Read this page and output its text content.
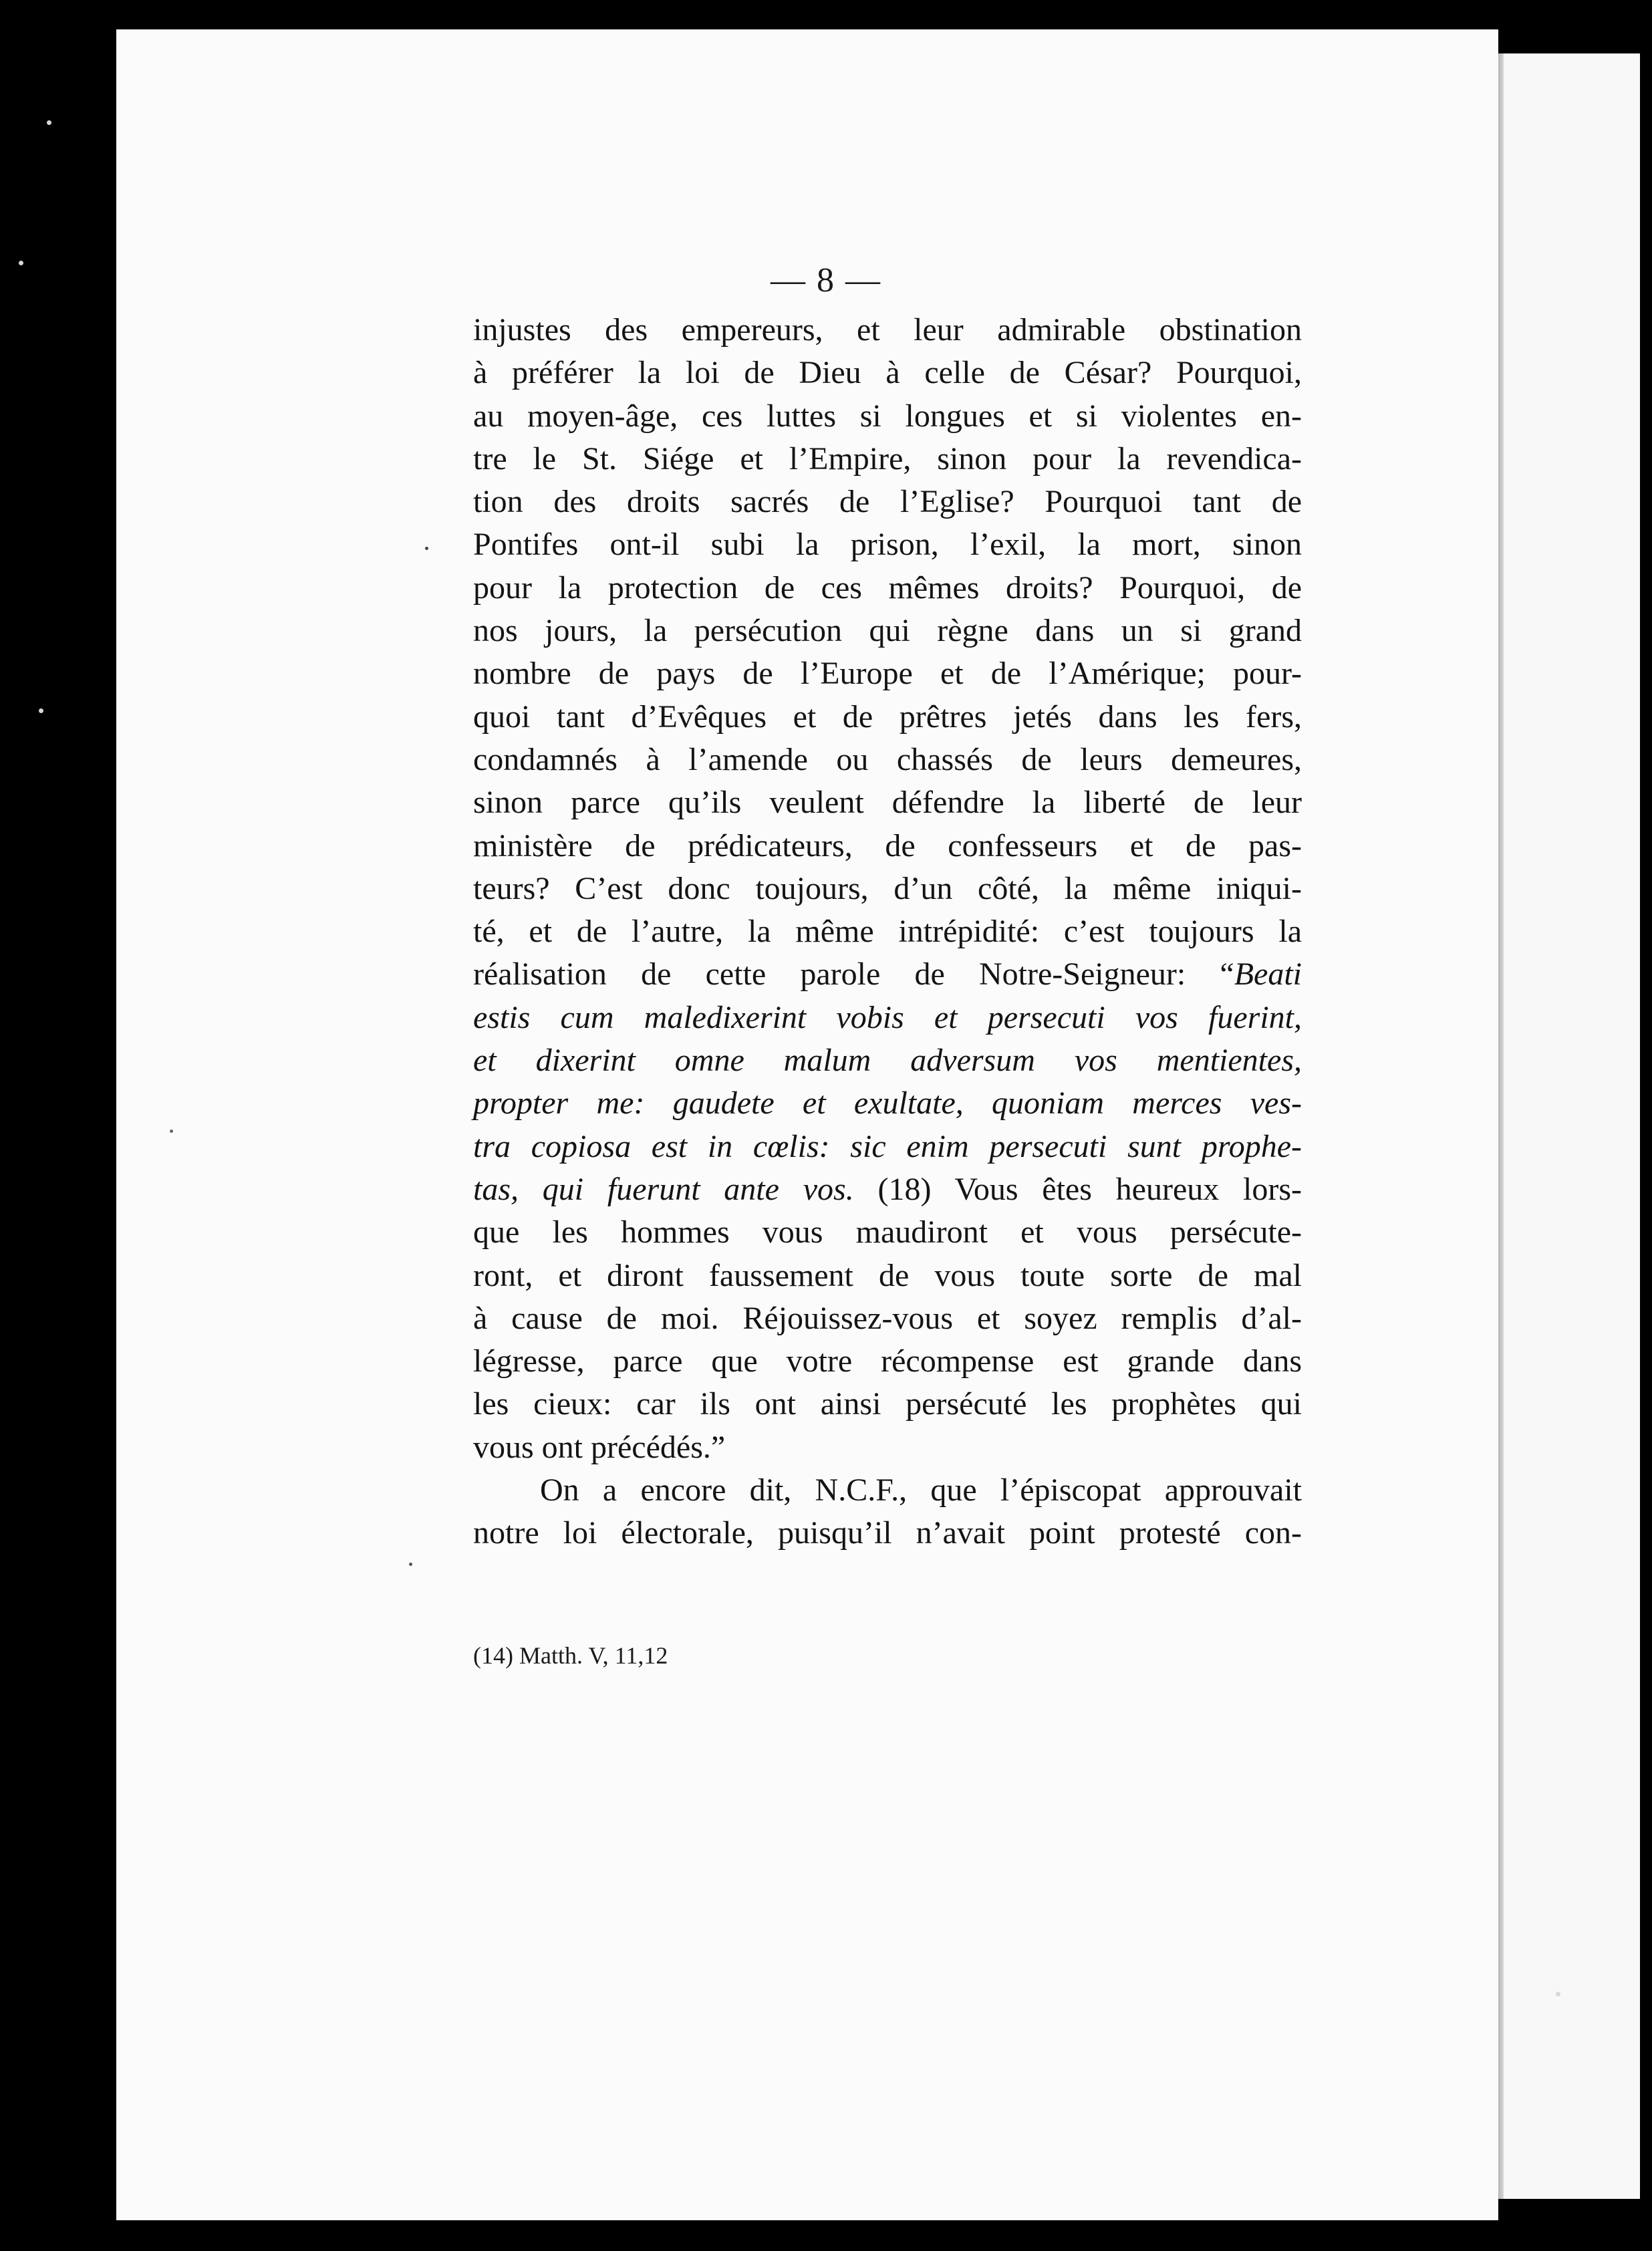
— 8 —
injustes des empereurs, et leur admirable obstination
à préférer la loi de Dieu à celle de César? Pourquoi,
au moyen-âge, ces luttes si longues et si violentes en-
tre le St. Siége et l’Empire, sinon pour la revendica-
tion des droits sacrés de l’Eglise? Pourquoi tant de
Pontifes ont-il subi la prison, l’exil, la mort, sinon
pour la protection de ces mêmes droits? Pourquoi, de
nos jours, la persécution qui règne dans un si grand
nombre de pays de l’Europe et de l’Amérique; pour-
quoi tant d’Evêques et de prêtres jetés dans les fers,
condamnés à l’amende ou chassés de leurs demeures,
sinon parce qu’ils veulent défendre la liberté de leur
ministère de prédicateurs, de confesseurs et de pas-
teurs? C’est donc toujours, d’un côté, la même iniqui-
té, et de l’autre, la même intrépidité: c’est toujours la
réalisation de cette parole de Notre-Seigneur: “Beati
estis cum maledixerint vobis et persecuti vos fuerint,
et dixerint omne malum adversum vos mentientes,
propter me: gaudete et exultate, quoniam merces ves-
tra copiosa est in cœlis: sic enim persecuti sunt prophe-
tas, qui fuerunt ante vos. (18) Vous êtes heureux lors-
que les hommes vous maudiront et vous persécute-
ront, et diront faussement de vous toute sorte de mal
à cause de moi. Réjouissez-vous et soyez remplis d’al-
légresse, parce que votre récompense est grande dans
les cieux: car ils ont ainsi persécuté les prophètes qui
vous ont précédés.”
On a encore dit, N.C.F., que l’épiscopat approuvait
notre loi électorale, puisqu’il n’avait point protesté con-
(14) Matth. V, 11,12
